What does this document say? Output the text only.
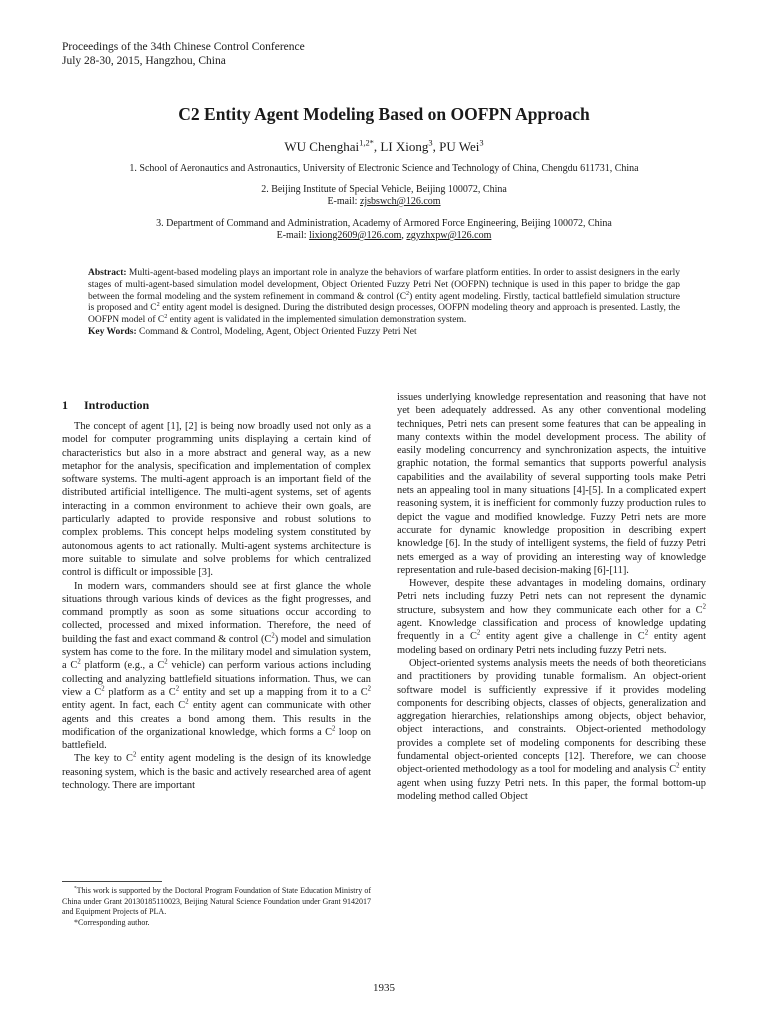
Proceedings of the 34th Chinese Control Conference
July 28-30, 2015, Hangzhou, China
C2 Entity Agent Modeling Based on OOFPN Approach
WU Chenghai$^{1,2*}$, LI Xiong$^3$, PU Wei$^3$
1. School of Aeronautics and Astronautics, University of Electronic Science and Technology of China, Chengdu 611731, China
2. Beijing Institute of Special Vehicle, Beijing 100072, China
E-mail: zjsbswch@126.com
3. Department of Command and Administration, Academy of Armored Force Engineering, Beijing 100072, China
E-mail: lixiong2609@126.com, zgyzhxpw@126.com
Abstract: Multi-agent-based modeling plays an important role in analyze the behaviors of warfare platform entities. In order to assist designers in the early stages of multi-agent-based simulation model development, Object Oriented Fuzzy Petri Net (OOFPN) technique is used in this paper to bridge the gap between the formal modeling and the system refinement in command & control $(C^2)$ entity agent modeling. Firstly, tactical battlefield simulation structure is proposed and $C^2$ entity agent model is designed. During the distributed design processes, OOFPN modeling theory and approach is presented. Lastly, the OOFPN model of $C^2$ entity agent is validated in the implemented simulation demonstration system.
Key Words: Command & Control, Modeling, Agent, Object Oriented Fuzzy Petri Net
1 Introduction

The concept of agent [1], [2] is being now broadly used not only as a model for computer programming units displaying a certain kind of characteristics but also in a more abstract and general way, as a new metaphor for the analysis, specification and implementation of complex software systems. The multi-agent approach is an important field of the distributed artificial intelligence. The multi-agent systems, set of agents interacting in a common environment to achieve their own goals, are particularly adapted to provide responsive and robust solutions to complex problems. This concept helps modeling system constituted by autonomous agents to act rationally. Multi-agent systems architecture is more suitable to simulate and solve problems for which centralized control is difficult or impossible [3].

In modern wars, commanders should see at first glance the whole situations through various kinds of devices as the fight progresses, and command promptly as soon as some situations occur according to collected, processed and mixed information. Therefore, the need of building the fast and exact command & control $(C^2)$ model and simulation system has come to the fore. In the military model and simulation system, a $C^2$ platform (e.g., a $C^2$ vehicle) can perform various actions including collecting and analyzing battlefield situations information. Thus, we can view a $C^2$ platform as a $C^2$ entity and set up a mapping from it to a $C^2$ entity agent. In fact, each $C^2$ entity agent can communicate with other agents and this creates a bond among them. This results in the modification of the organizational knowledge, which forms a $C^2$ loop on battlefield.

The key to $C^2$ entity agent modeling is the design of its knowledge reasoning system, which is the basic and actively researched area of agent technology. There are important

*This work is supported by the Doctoral Program Foundation of State Education Ministry of China under Grant 20130185110023, Beijing Natural Science Foundation under Grant 9142017 and Equipment Projects of PLA.

*Corresponding author.

issues underlying knowledge representation and reasoning that have not yet been adequately addressed. As any other conventional modeling techniques, Petri nets can present some features that can be appealing in many contexts within the model development process. The ability of easily modeling concurrency and synchronization aspects, the intuitive graphic notation, the formal semantics that supports powerful analysis capabilities and the availability of several supporting tools make Petri nets an appealing tool in many situations [4]-[5]. In a complicated expert reasoning system, it is inefficient for commonly fuzzy production rules to depict the vague and modified knowledge. Fuzzy Petri nets are more accurate for dynamic knowledge proposition in describing expert knowledge [6]. In the study of intelligent systems, the field of fuzzy Petri nets emerged as a way of providing an interesting way of knowledge representation and rule-based decision-making [6]-[11].

However, despite these advantages in modeling domains, ordinary Petri nets including fuzzy Petri nets can not represent the dynamic structure, subsystem and how they communicate each other for a $C^2$ agent. Knowledge classification and process of knowledge updating frequently in a $C^2$ entity agent give a challenge in $C^2$ entity agent modeling based on ordinary Petri nets including fuzzy Petri nets.

Object-oriented systems analysis meets the needs of both theoreticians and practitioners by providing tunable formalism. An object-orient software model is sufficiently expressive if it provides modeling components for describing objects, classes of objects, generalization and aggregation hierarchies, relationships among objects, object behavior, object interactions, and constraints. Object-oriented methodology provides a complete set of modeling components for describing these fundamental object-oriented concepts [12]. Therefore, we can choose object-oriented methodology as a tool for modeling and analysis $C^2$ entity agent when using fuzzy Petri nets. In this paper, the formal bottom-up modeling method called Object

1935
